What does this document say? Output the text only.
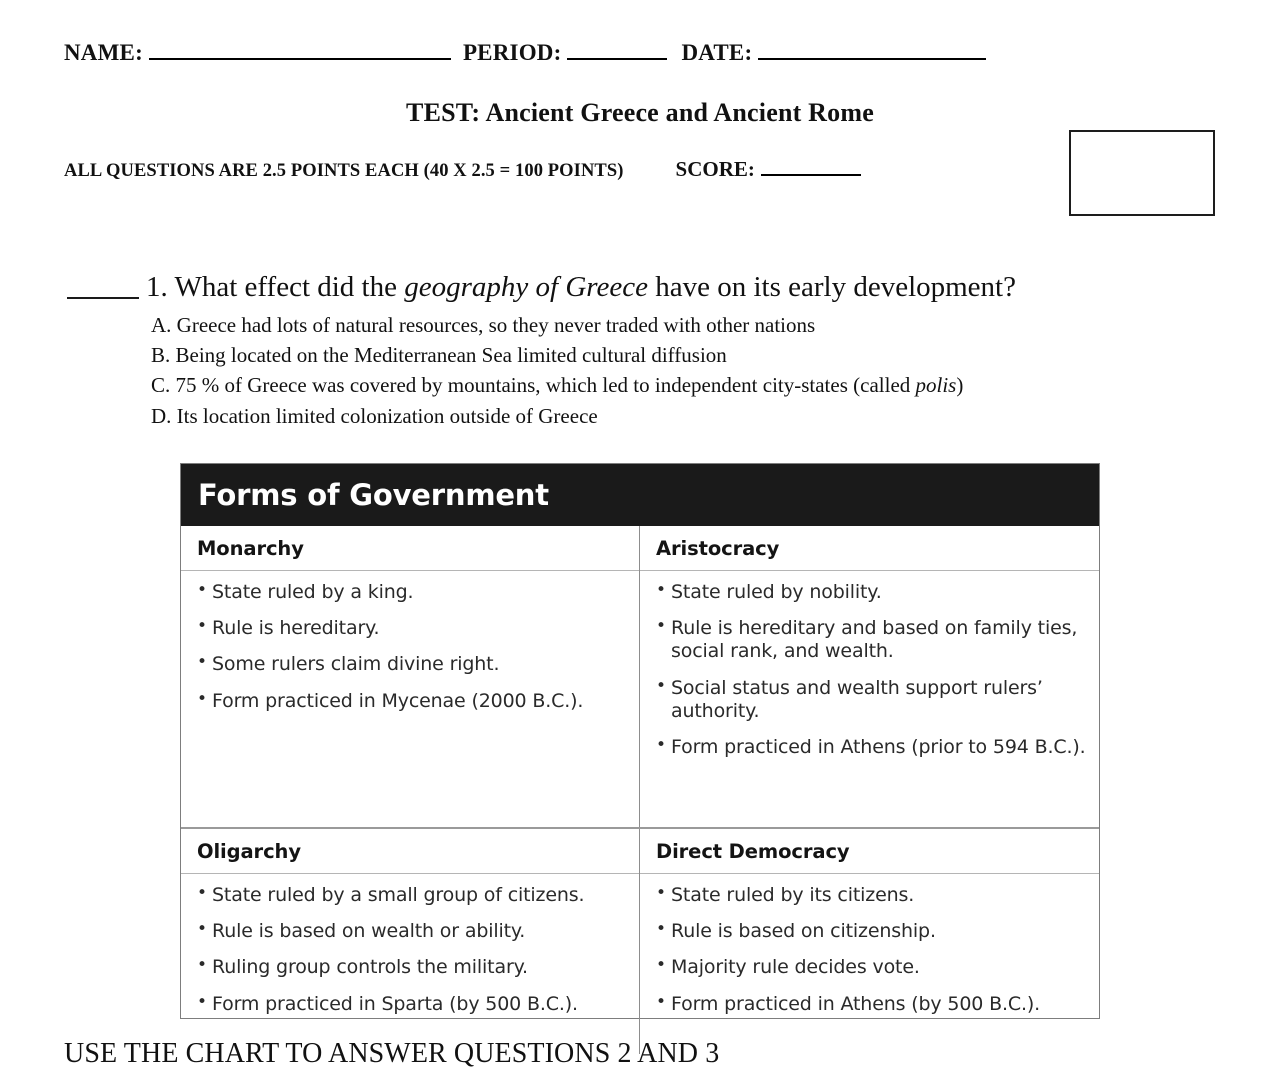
NAME:	PERIOD:	DATE:
TEST: Ancient Greece and Ancient Rome
ALL QUESTIONS ARE 2.5 POINTS EACH (40 X 2.5 = 100 POINTS) SCORE:
1. What effect did the geography of Greece have on its early development?
A. Greece had lots of natural resources, so they never traded with other nations
B. Being located on the Mediterranean Sea limited cultural diffusion
C. 75 % of Greece was covered by mountains, which led to independent city-states (called polis)
D. Its location limited colonization outside of Greece
Forms of Government
Monarchy
• State ruled by a king.
• Rule is hereditary.
• Some rulers claim divine right.
• Form practiced in Mycenae (2000 B.C.).
Aristocracy
• State ruled by nobility.
• Rule is hereditary and based on family ties, social rank, and wealth.
• Social status and wealth support rulers’ authority.
• Form practiced in Athens (prior to 594 B.C.).
Oligarchy
• State ruled by a small group of citizens.
• Rule is based on wealth or ability.
• Ruling group controls the military.
• Form practiced in Sparta (by 500 B.C.).
Direct Democracy
• State ruled by its citizens.
• Rule is based on citizenship.
• Majority rule decides vote.
• Form practiced in Athens (by 500 B.C.).
USE THE CHART TO ANSWER QUESTIONS 2 AND 3
